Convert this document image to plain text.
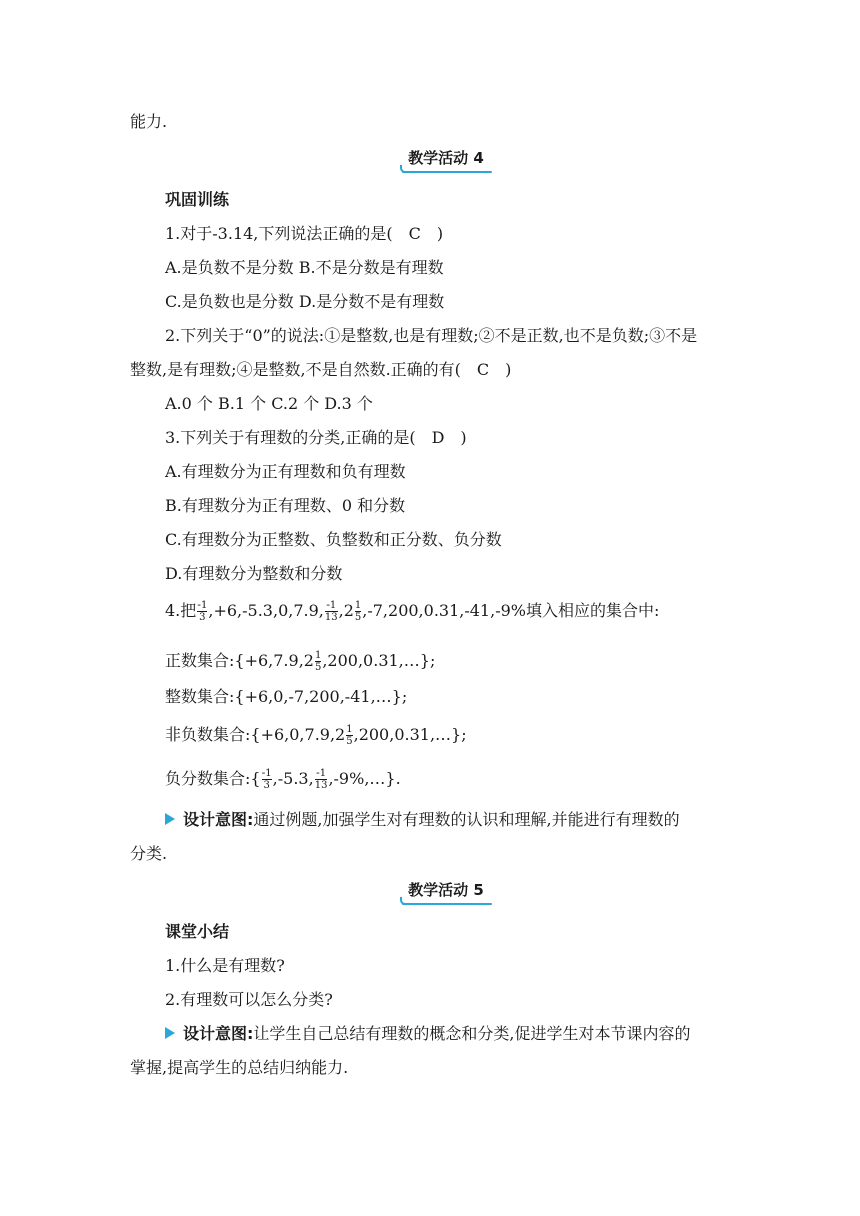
能力.
教学活动 4
巩固训练
1.对于-3.14,下列说法正确的是(　C　)
A.是负数不是分数 B.不是分数是有理数
C.是负数也是分数 D.是分数不是有理数
2.下列关于“0”的说法:①是整数,也是有理数;②不是正数,也不是负数;③不是
整数,是有理数;④是整数,不是自然数.正确的有(　C　)
A.0 个 B.1 个 C.2 个 D.3 个
3.下列关于有理数的分类,正确的是(　D　)
A.有理数分为正有理数和负有理数
B.有理数分为正有理数、0 和分数
C.有理数分为正整数、负整数和正分数、负分数
D.有理数分为整数和分数
4.把 $\frac{-1}{3} ,+6,-5.3,0,7.9$, $\frac{-1}{13} ,2 \frac{1}{5} ,-7,200,0.31,-41,-9\%$填入相应的集合中:
正数集合:{+6,7.9,2 $\frac{1}{5}$ ,200,0.31,…};
整数集合:{+6,0,-7,200,-41,…};
非负数集合:{+6,0,7.9,2 $\frac{1}{5}$ ,200,0.31,…};
负分数集合:{ $\frac{-1}{3} ,-5.3$, $\frac{-1}{13}$ ,-9%,…}.
设计意图:通过例题,加强学生对有理数的认识和理解,并能进行有理数的
分类.
教学活动 5
课堂小结
1.什么是有理数?
2.有理数可以怎么分类?
设计意图:让学生自己总结有理数的概念和分类,促进学生对本节课内容的
掌握,提高学生的总结归纳能力.
